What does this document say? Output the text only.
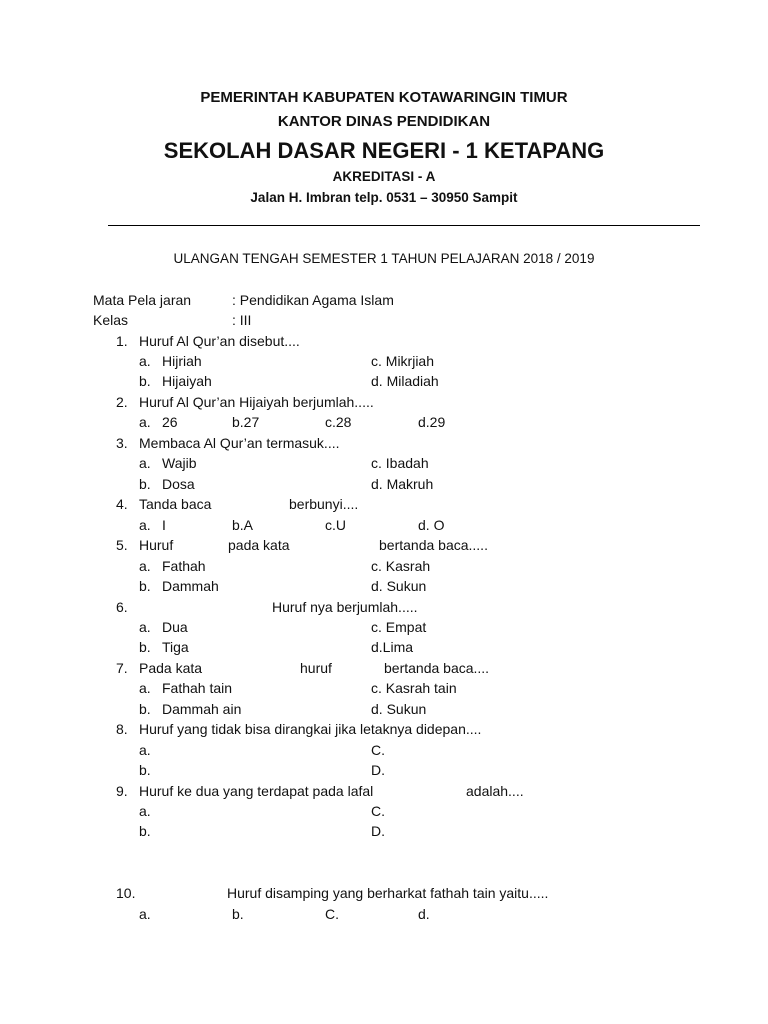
PEMERINTAH KABUPATEN KOTAWARINGIN TIMUR
KANTOR DINAS PENDIDIKAN
SEKOLAH DASAR NEGERI - 1 KETAPANG
AKREDITASI - A
Jalan H. Imbran telp. 0531 – 30950 Sampit
ULANGAN TENGAH SEMESTER 1 TAHUN PELAJARAN 2018 / 2019
Mata Pela jaran	: Pendidikan Agama Islam
Kelas	: III
1. Huruf Al Qur’an disebut....
a. Hijriah	c. Mikrjiah
b. Hijaiyah	d. Miladiah
2. Huruf Al Qur’an Hijaiyah berjumlah.....
a. 26	b.27	c.28	d.29
3. Membaca Al Qur’an termasuk....
a. Wajib	c. Ibadah
b. Dosa	d. Makruh
4. Tanda baca	berbunyi....
a. I	b.A	c.U	d. O
5. Huruf	pada kata	bertanda baca.....
a. Fathah	c. Kasrah
b. Dammah	d. Sukun
6.	Huruf nya berjumlah.....
a. Dua	c. Empat
b. Tiga	d.Lima
7. Pada kata	huruf	bertanda baca....
a. Fathah tain	c. Kasrah tain
b. Dammah ain	d. Sukun
8. Huruf yang tidak bisa dirangkai jika letaknya didepan....
a.	C.
b.	D.
9. Huruf ke dua yang terdapat pada lafal	adalah....
a.	C.
b.	D.
10.	Huruf disamping yang berharkat fathah tain yaitu.....
a.	b.	C.	d.
